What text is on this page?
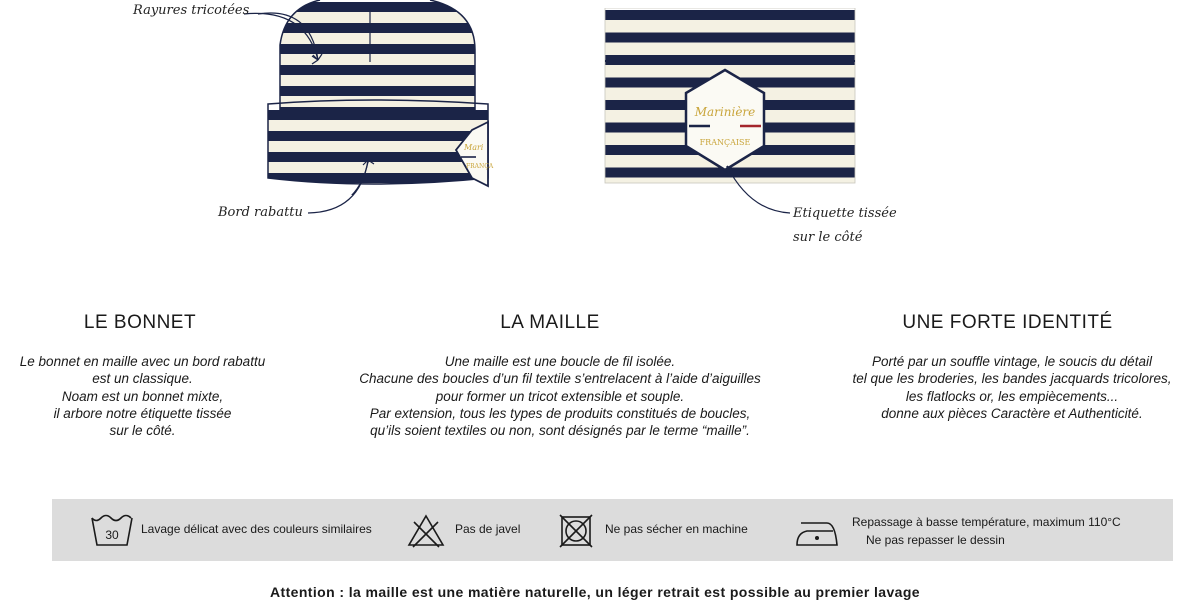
Mari
FRANÇA
Rayures tricotées
Bord rabattu
Marinière
FRANÇAISE
Etiquette tissée
sur le côté
LE BONNET
Le bonnet en maille avec un bord rabattu
est un classique.
Noam est un bonnet mixte,
il arbore notre étiquette tissée
sur le côté.
LA MAILLE
Une maille est une boucle de fil isolée.
Chacune des boucles d’un fil textile s’entrelacent à l’aide d’aiguilles
pour former un tricot extensible et souple.
Par extension, tous les types de produits constitués de boucles,
qu’ils soient textiles ou non, sont désignés par le terme “maille”.
UNE FORTE IDENTITÉ
Porté par un souffle vintage, le soucis du détail
tel que les broderies, les bandes jacquards tricolores,
les flatlocks or, les empiècements...
donne aux pièces Caractère et Authenticité.
30 Lavage délicat avec des couleurs similaires	Pas de javel	Ne pas sécher en machine	Repassage à basse température, maximum 110°C
Ne pas repasser le dessin
Attention : la maille est une matière naturelle, un léger retrait est possible au premier lavage
